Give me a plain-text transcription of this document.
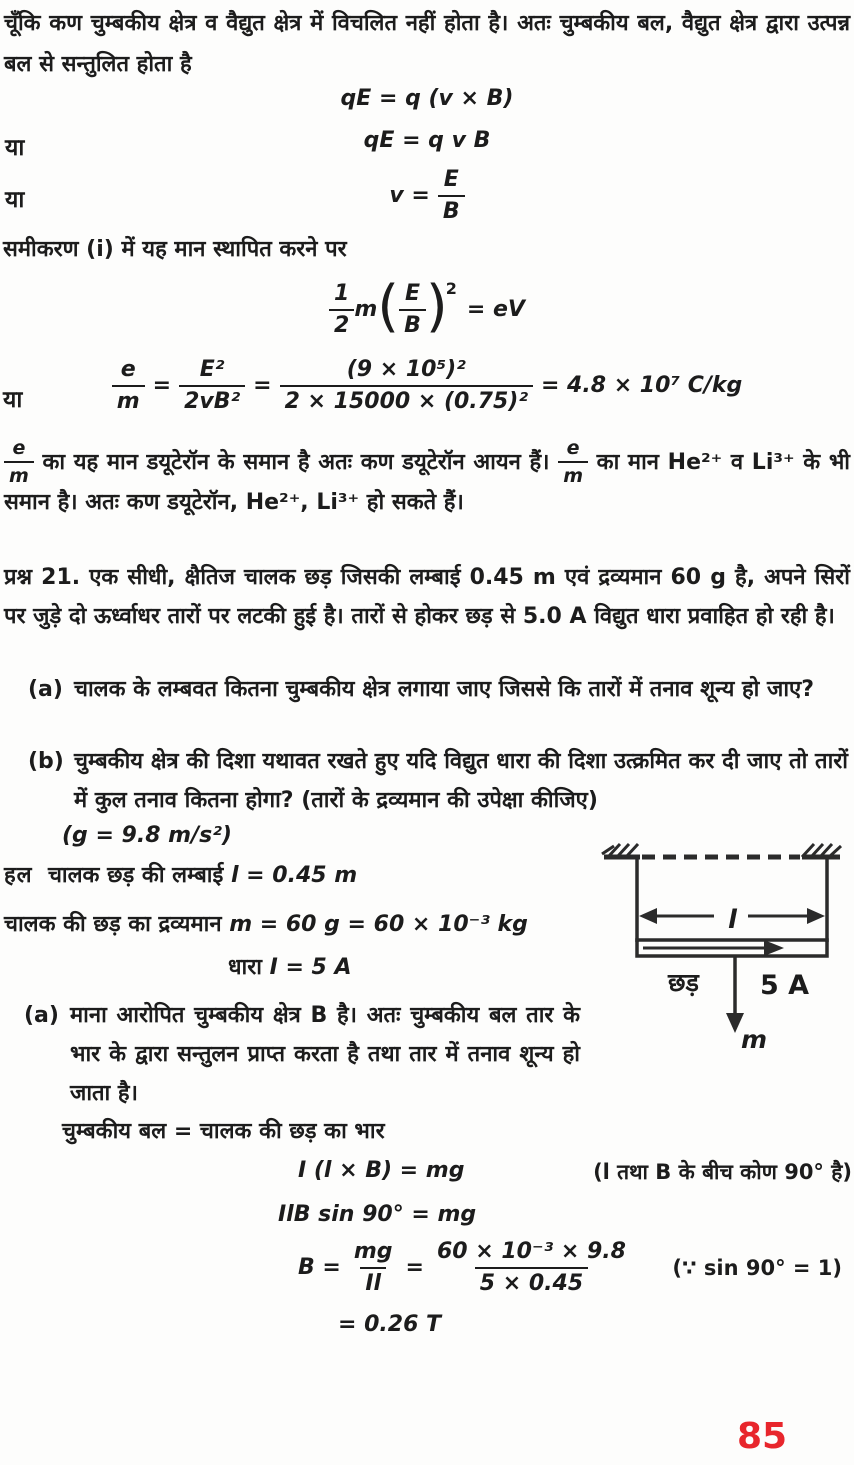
चूँकि कण चुम्बकीय क्षेत्र व वैद्युत क्षेत्र में विचलित नहीं होता है। अतः चुम्बकीय बल, वैद्युत क्षेत्र द्वारा उत्पन्न बल से सन्तुलित होता है
qE = q (v × B)
या	qE = q v B
या	$v = \frac{E}{B}$
समीकरण (i) में यह मान स्थापित करने पर
$\frac{1}{2} m( \frac{E}{B} )^2=$ eV
या	$\frac{e}{m} = \frac{\text{E²}}{\text{2vB²}} = \frac{\text{(9 × 10⁵)²}}{\text{2 × 15000 × (0.75)²}} = 4.8 \times 10^7$ C/kg
$\frac{e}{m}$ का यह मान डयूटेरॉन के समान है अतः कण डयूटेरॉन आयन हैं। $\frac{e}{m}$ का मान He²⁺ व Li³⁺ के भी समान है। अतः कण डयूटेरॉन, He²⁺, Li³⁺ हो सकते हैं।
प्रश्न 21. एक सीधी, क्षैतिज चालक छड़ जिसकी लम्बाई 0.45 m एवं द्रव्यमान 60 g है, अपने सिरों पर जुड़े दो ऊर्ध्वाधर तारों पर लटकी हुई है। तारों से होकर छड़ से 5.0 A विद्युत धारा प्रवाहित हो रही है।
(a) चालक के लम्बवत कितना चुम्बकीय क्षेत्र लगाया जाए जिससे कि तारों में तनाव शून्य हो जाए?
(b) चुम्बकीय क्षेत्र की दिशा यथावत रखते हुए यदि विद्युत धारा की दिशा उत्क्रमित कर दी जाए तो तारों में कुल तनाव कितना होगा? (तारों के द्रव्यमान की उपेक्षा कीजिए)
(g = 9.8 m/s²)
हल चालक छड़ की लम्बाई l = 0.45 m
चालक की छड़ का द्रव्यमान m = 60 g = 60 × 10⁻³ kg
धारा I = 5 A
l
छड़ 5 A
m
(a) माना आरोपित चुम्बकीय क्षेत्र B है। अतः चुम्बकीय बल तार के भार के द्वारा सन्तुलन प्राप्त करता है तथा तार में तनाव शून्य हो जाता है।
चुम्बकीय बल = चालक की छड़ का भार
I (l × B) = mg	(l तथा B के बीच कोण 90° है)
IlB sin 90° = mg
$B = \frac{mg}{Il} = \frac{\text{60 × 10⁻³ × 9.8}}{5 \times 0.45}$ (∵ sin 90° = 1)
= 0.26 T
85
